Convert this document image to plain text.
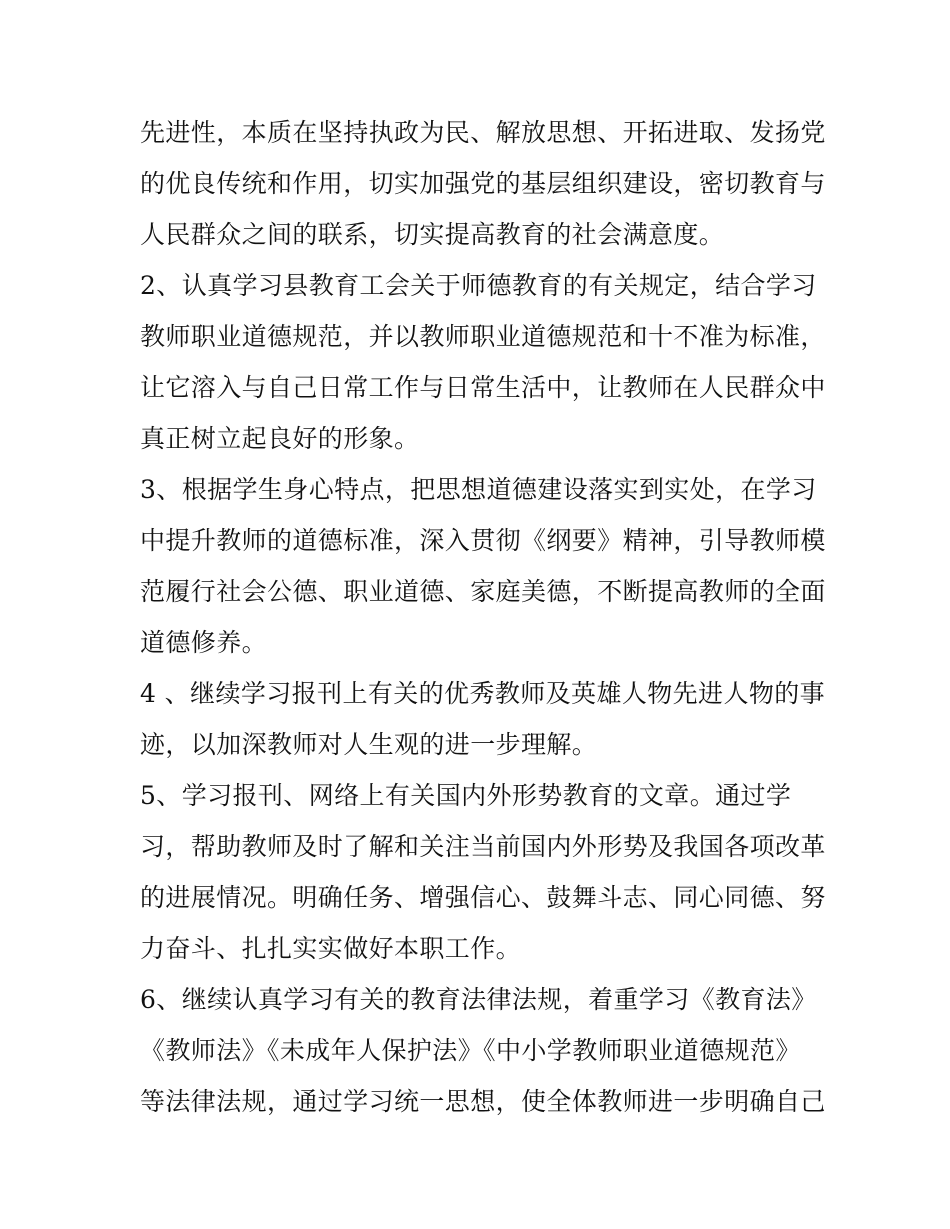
先进性，本质在坚持执政为民、解放思想、开拓进取、发扬党
的优良传统和作用，切实加强党的基层组织建设，密切教育与
人民群众之间的联系，切实提高教育的社会满意度。
2、认真学习县教育工会关于师德教育的有关规定，结合学习
教师职业道德规范，并以教师职业道德规范和十不准为标准，
让它溶入与自己日常工作与日常生活中，让教师在人民群众中
真正树立起良好的形象。
3、根据学生身心特点，把思想道德建设落实到实处，在学习
中提升教师的道德标准，深入贯彻《纲要》精神，引导教师模
范履行社会公德、职业道德、家庭美德，不断提高教师的全面
道德修养。
4 、继续学习报刊上有关的优秀教师及英雄人物先进人物的事
迹，以加深教师对人生观的进一步理解。
5、学习报刊、网络上有关国内外形势教育的文章。通过学
习，帮助教师及时了解和关注当前国内外形势及我国各项改革
的进展情况。明确任务、增强信心、鼓舞斗志、同心同德、努
力奋斗、扎扎实实做好本职工作。
6、继续认真学习有关的教育法律法规，着重学习《教育法》
《教师法》《未成年人保护法》《中小学教师职业道德规范》
等法律法规，通过学习统一思想，使全体教师进一步明确自己
